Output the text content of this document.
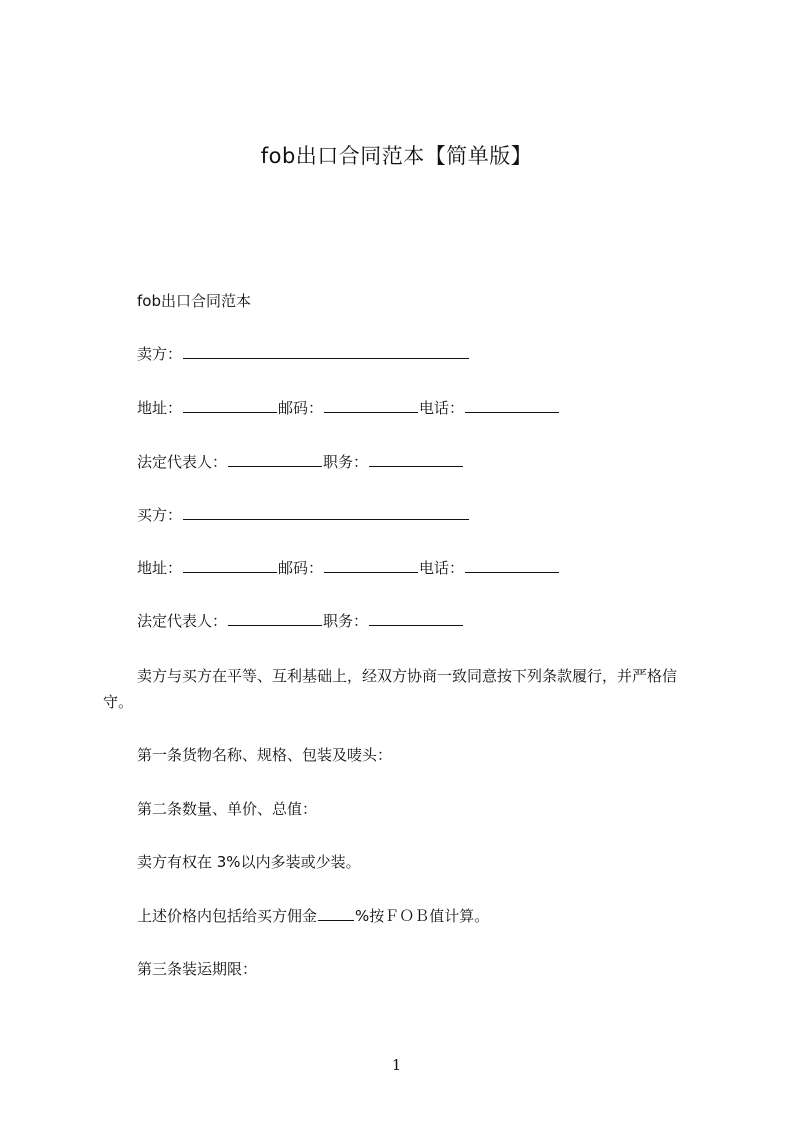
fob出口合同范本【简单版】
fob出口合同范本
卖方：
地址：	邮码：	电话：
法定代表人：	职务：
买方：
地址：	邮码：	电话：
法定代表人：	职务：
卖方与买方在平等、互利基础上，经双方协商一致同意按下列条款履行，并严格信守。
第一条货物名称、规格、包装及唛头：
第二条数量、单价、总值：
卖方有权在 3%以内多装或少装。
上述价格内包括给买方佣金	%按ＦＯＢ值计算。
第三条装运期限：
1
